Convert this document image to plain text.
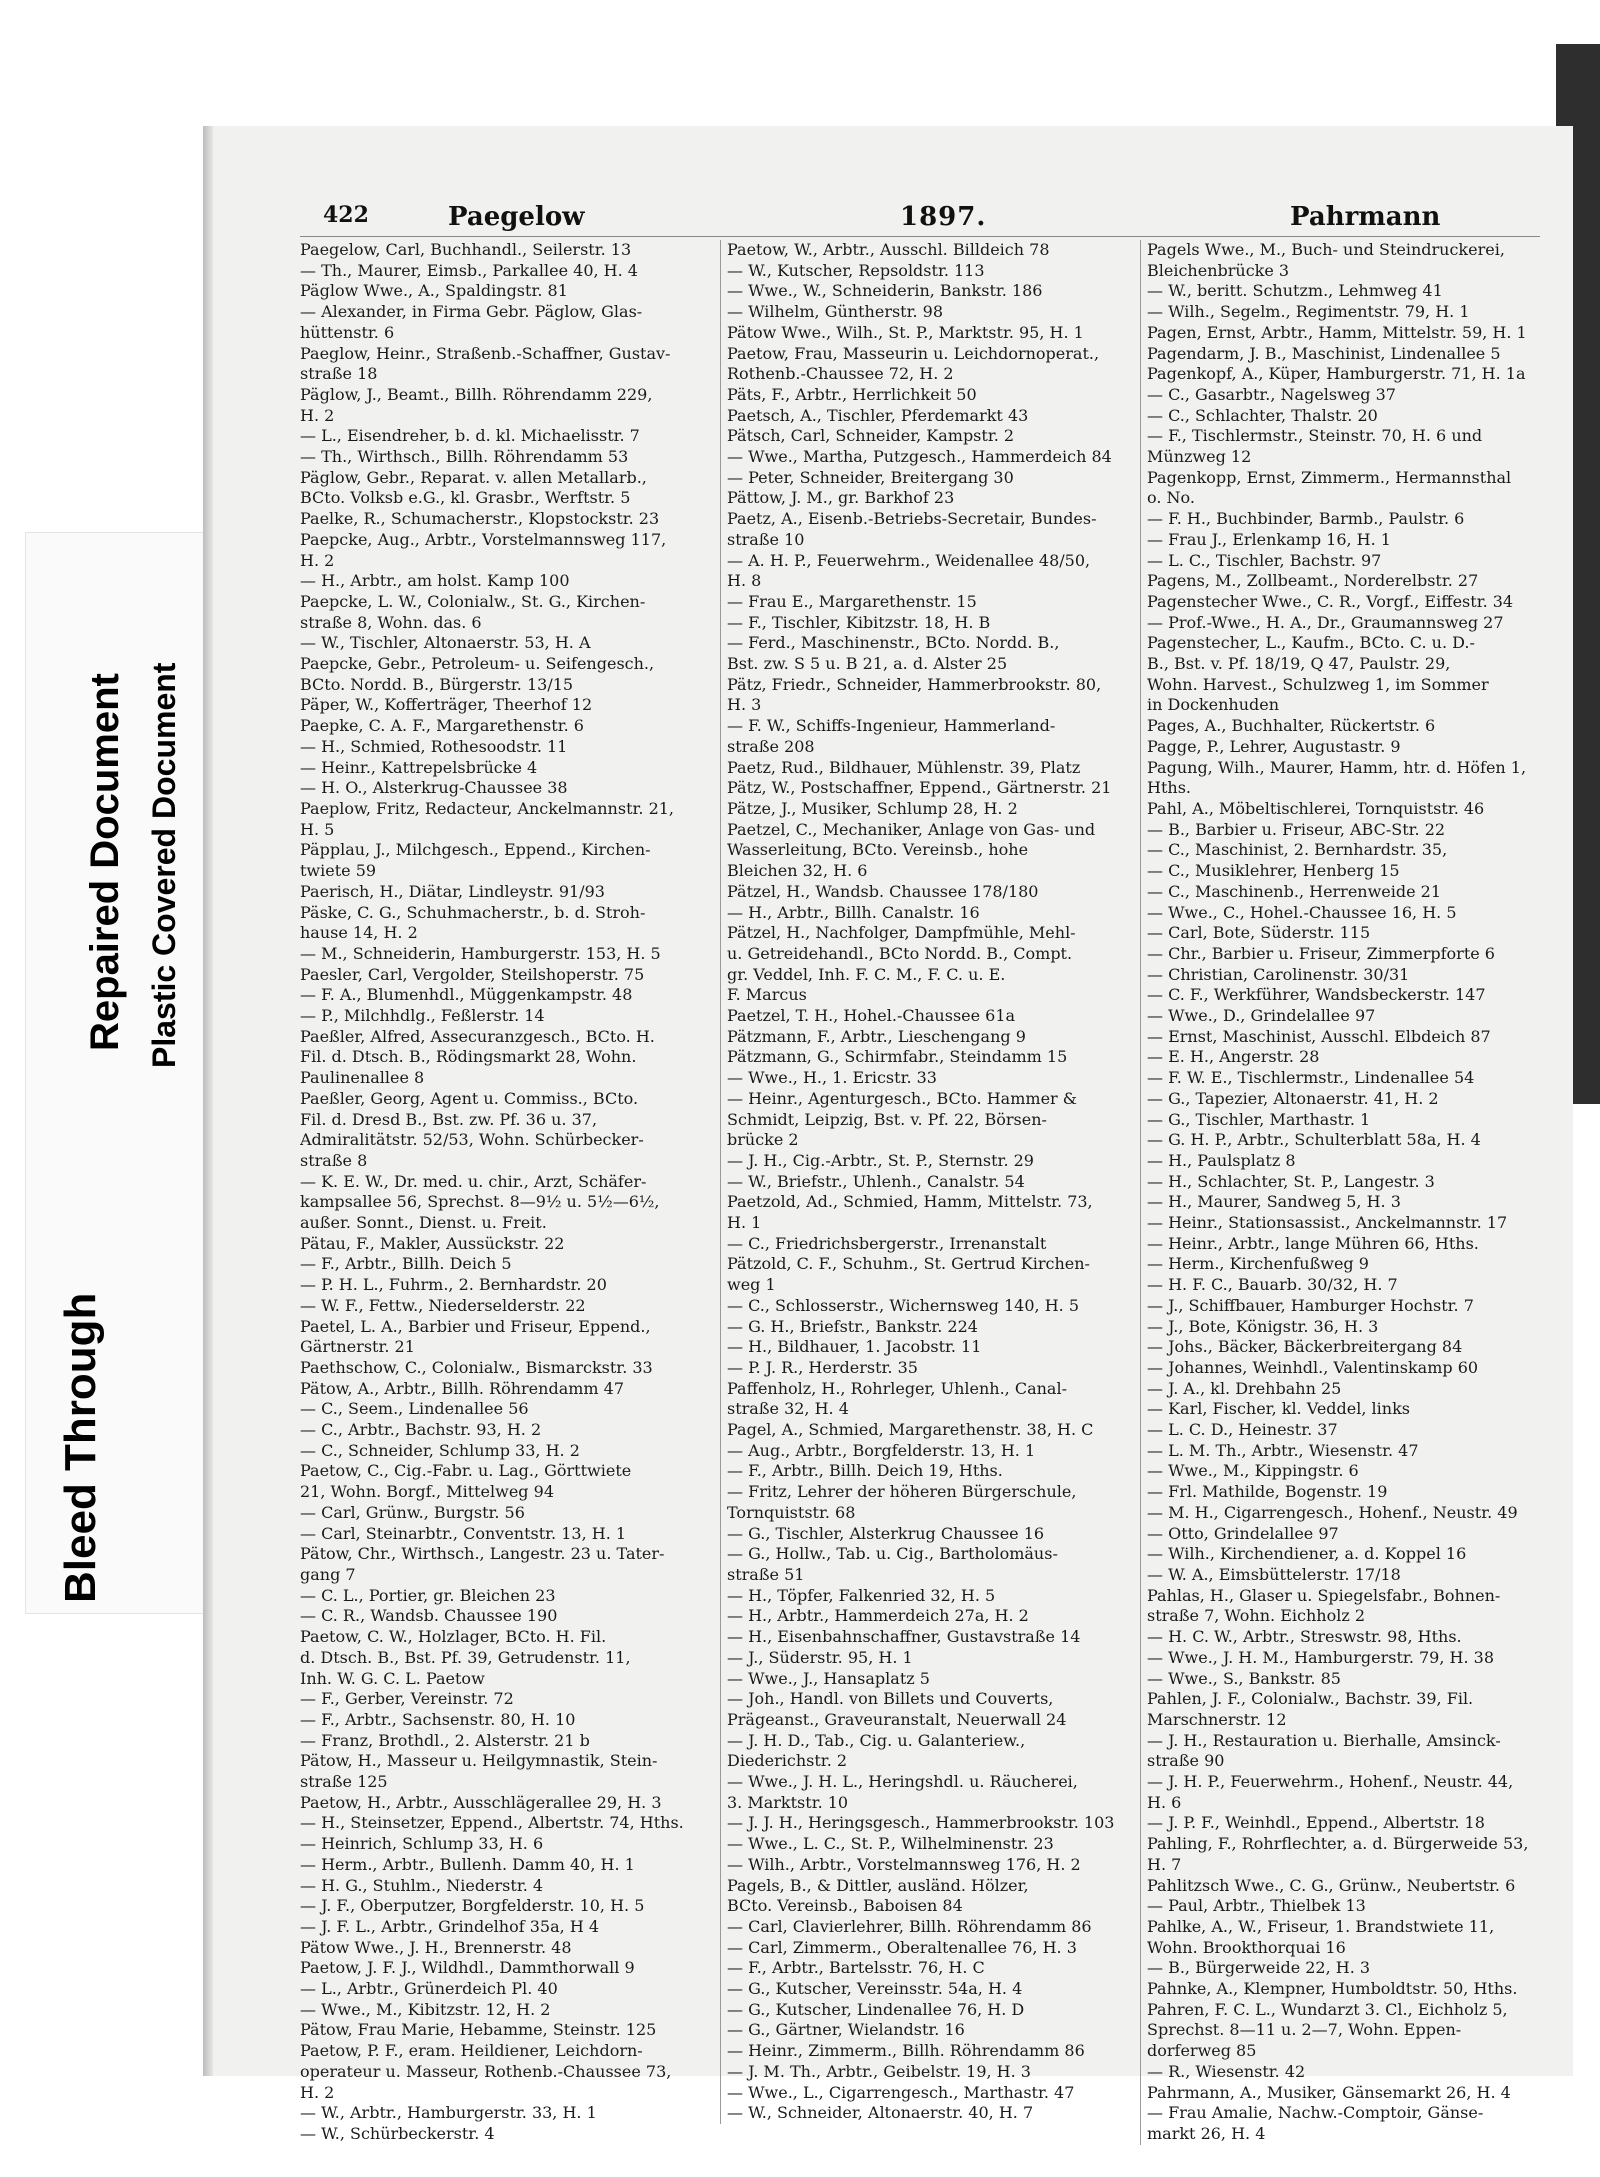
Bleed Through
Repaired Document Plastic Covered Document
422	Paegelow	1897.	Pahrmann
Paegelow, Carl, Buchhandl., Seilerstr. 13
— Th., Maurer, Eimsb., Parkallee 40, H. 4
Päglow Wwe., A., Spaldingstr. 81
— Alexander, in Firma Gebr. Päglow, Glas-
hüttenstr. 6
Paeglow, Heinr., Straßenb.-Schaffner, Gustav-
straße 18
Päglow, J., Beamt., Billh. Röhrendamm 229,
H. 2
— L., Eisendreher, b. d. kl. Michaelisstr. 7
— Th., Wirthsch., Billh. Röhrendamm 53
Päglow, Gebr., Reparat. v. allen Metallarb.,
BCto. Volksb e.G., kl. Grasbr., Werftstr. 5
Paelke, R., Schumacherstr., Klopstockstr. 23
Paepcke, Aug., Arbtr., Vorstelmannsweg 117,
H. 2
— H., Arbtr., am holst. Kamp 100
Paepcke, L. W., Colonialw., St. G., Kirchen-
straße 8, Wohn. das. 6
— W., Tischler, Altonaerstr. 53, H. A
Paepcke, Gebr., Petroleum- u. Seifengesch.,
BCto. Nordd. B., Bürgerstr. 13/15
Päper, W., Kofferträger, Theerhof 12
Paepke, C. A. F., Margarethenstr. 6
— H., Schmied, Rothesoodstr. 11
— Heinr., Kattrepelsbrücke 4
— H. O., Alsterkrug-Chaussee 38
Paeplow, Fritz, Redacteur, Anckelmannstr. 21,
H. 5
Päpplau, J., Milchgesch., Eppend., Kirchen-
twiete 59
Paerisch, H., Diätar, Lindleystr. 91/93
Päske, C. G., Schuhmacherstr., b. d. Stroh-
hause 14, H. 2
— M., Schneiderin, Hamburgerstr. 153, H. 5
Paesler, Carl, Vergolder, Steilshoperstr. 75
— F. A., Blumenhdl., Müggenkampstr. 48
— P., Milchhdlg., Feßlerstr. 14
Paeßler, Alfred, Assecuranzgesch., BCto. H.
Fil. d. Dtsch. B., Rödingsmarkt 28, Wohn.
Paulinenallee 8
Paeßler, Georg, Agent u. Commiss., BCto.
Fil. d. Dresd B., Bst. zw. Pf. 36 u. 37,
Admiralitätstr. 52/53, Wohn. Schürbecker-
straße 8
— K. E. W., Dr. med. u. chir., Arzt, Schäfer-
kampsallee 56, Sprechst. 8—9½ u. 5½—6½,
außer. Sonnt., Dienst. u. Freit.
Pätau, F., Makler, Aussückstr. 22
— F., Arbtr., Billh. Deich 5
— P. H. L., Fuhrm., 2. Bernhardstr. 20
— W. F., Fettw., Niederselderstr. 22
Paetel, L. A., Barbier und Friseur, Eppend.,
Gärtnerstr. 21
Paethschow, C., Colonialw., Bismarckstr. 33
Pätow, A., Arbtr., Billh. Röhrendamm 47
— C., Seem., Lindenallee 56
— C., Arbtr., Bachstr. 93, H. 2
— C., Schneider, Schlump 33, H. 2
Paetow, C., Cig.-Fabr. u. Lag., Görttwiete
21, Wohn. Borgf., Mittelweg 94
— Carl, Grünw., Burgstr. 56
— Carl, Steinarbtr., Conventstr. 13, H. 1
Pätow, Chr., Wirthsch., Langestr. 23 u. Tater-
gang 7
— C. L., Portier, gr. Bleichen 23
— C. R., Wandsb. Chaussee 190
Paetow, C. W., Holzlager, BCto. H. Fil.
d. Dtsch. B., Bst. Pf. 39, Getrudenstr. 11,
Inh. W. G. C. L. Paetow
— F., Gerber, Vereinstr. 72
— F., Arbtr., Sachsenstr. 80, H. 10
— Franz, Brothdl., 2. Alsterstr. 21 b
Pätow, H., Masseur u. Heilgymnastik, Stein-
straße 125
Paetow, H., Arbtr., Ausschlägerallee 29, H. 3
— H., Steinsetzer, Eppend., Albertstr. 74, Hths.
— Heinrich, Schlump 33, H. 6
— Herm., Arbtr., Bullenh. Damm 40, H. 1
— H. G., Stuhlm., Niederstr. 4
— J. F., Oberputzer, Borgfelderstr. 10, H. 5
— J. F. L., Arbtr., Grindelhof 35a, H 4
Pätow Wwe., J. H., Brennerstr. 48
Paetow, J. F. J., Wildhdl., Dammthorwall 9
— L., Arbtr., Grünerdeich Pl. 40
— Wwe., M., Kibitzstr. 12, H. 2
Pätow, Frau Marie, Hebamme, Steinstr. 125
Paetow, P. F., eram. Heildiener, Leichdorn-
operateur u. Masseur, Rothenb.-Chaussee 73,
H. 2
— W., Arbtr., Hamburgerstr. 33, H. 1
— W., Schürbeckerstr. 4
Paetow, W., Arbtr., Ausschl. Billdeich 78
— W., Kutscher, Repsoldstr. 113
— Wwe., W., Schneiderin, Bankstr. 186
— Wilhelm, Güntherstr. 98
Pätow Wwe., Wilh., St. P., Marktstr. 95, H. 1
Paetow, Frau, Masseurin u. Leichdornoperat.,
Rothenb.-Chaussee 72, H. 2
Päts, F., Arbtr., Herrlichkeit 50
Paetsch, A., Tischler, Pferdemarkt 43
Pätsch, Carl, Schneider, Kampstr. 2
— Wwe., Martha, Putzgesch., Hammerdeich 84
— Peter, Schneider, Breitergang 30
Pättow, J. M., gr. Barkhof 23
Paetz, A., Eisenb.-Betriebs-Secretair, Bundes-
straße 10
— A. H. P., Feuerwehrm., Weidenallee 48/50,
H. 8
— Frau E., Margarethenstr. 15
— F., Tischler, Kibitzstr. 18, H. B
— Ferd., Maschinenstr., BCto. Nordd. B.,
Bst. zw. S 5 u. B 21, a. d. Alster 25
Pätz, Friedr., Schneider, Hammerbrookstr. 80,
H. 3
— F. W., Schiffs-Ingenieur, Hammerland-
straße 208
Paetz, Rud., Bildhauer, Mühlenstr. 39, Platz
Pätz, W., Postschaffner, Eppend., Gärtnerstr. 21
Pätze, J., Musiker, Schlump 28, H. 2
Paetzel, C., Mechaniker, Anlage von Gas- und
Wasserleitung, BCto. Vereinsb., hohe
Bleichen 32, H. 6
Pätzel, H., Wandsb. Chaussee 178/180
— H., Arbtr., Billh. Canalstr. 16
Pätzel, H., Nachfolger, Dampfmühle, Mehl-
u. Getreidehandl., BCto Nordd. B., Compt.
gr. Veddel, Inh. F. C. M., F. C. u. E.
F. Marcus
Paetzel, T. H., Hohel.-Chaussee 61a
Pätzmann, F., Arbtr., Lieschengang 9
Pätzmann, G., Schirmfabr., Steindamm 15
— Wwe., H., 1. Ericstr. 33
— Heinr., Agenturgesch., BCto. Hammer &
Schmidt, Leipzig, Bst. v. Pf. 22, Börsen-
brücke 2
— J. H., Cig.-Arbtr., St. P., Sternstr. 29
— W., Briefstr., Uhlenh., Canalstr. 54
Paetzold, Ad., Schmied, Hamm, Mittelstr. 73,
H. 1
— C., Friedrichsbergerstr., Irrenanstalt
Pätzold, C. F., Schuhm., St. Gertrud Kirchen-
weg 1
— C., Schlosserstr., Wichernsweg 140, H. 5
— G. H., Briefstr., Bankstr. 224
— H., Bildhauer, 1. Jacobstr. 11
— P. J. R., Herderstr. 35
Paffenholz, H., Rohrleger, Uhlenh., Canal-
straße 32, H. 4
Pagel, A., Schmied, Margarethenstr. 38, H. C
— Aug., Arbtr., Borgfelderstr. 13, H. 1
— F., Arbtr., Billh. Deich 19, Hths.
— Fritz, Lehrer der höheren Bürgerschule,
Tornquiststr. 68
— G., Tischler, Alsterkrug Chaussee 16
— G., Hollw., Tab. u. Cig., Bartholomäus-
straße 51
— H., Töpfer, Falkenried 32, H. 5
— H., Arbtr., Hammerdeich 27a, H. 2
— H., Eisenbahnschaffner, Gustavstraße 14
— J., Süderstr. 95, H. 1
— Wwe., J., Hansaplatz 5
— Joh., Handl. von Billets und Couverts,
Prägeanst., Graveuranstalt, Neuerwall 24
— J. H. D., Tab., Cig. u. Galanteriew.,
Diederichstr. 2
— Wwe., J. H. L., Heringshdl. u. Räucherei,
3. Marktstr. 10
— J. J. H., Heringsgesch., Hammerbrookstr. 103
— Wwe., L. C., St. P., Wilhelminenstr. 23
— Wilh., Arbtr., Vorstelmannsweg 176, H. 2
Pagels, B., & Dittler, ausländ. Hölzer,
BCto. Vereinsb., Baboisen 84
— Carl, Clavierlehrer, Billh. Röhrendamm 86
— Carl, Zimmerm., Oberaltenallee 76, H. 3
— F., Arbtr., Bartelsstr. 76, H. C
— G., Kutscher, Vereinsstr. 54a, H. 4
— G., Kutscher, Lindenallee 76, H. D
— G., Gärtner, Wielandstr. 16
— Heinr., Zimmerm., Billh. Röhrendamm 86
— J. M. Th., Arbtr., Geibelstr. 19, H. 3
— Wwe., L., Cigarrengesch., Marthastr. 47
— W., Schneider, Altonaerstr. 40, H. 7
Pagels Wwe., M., Buch- und Steindruckerei,
Bleichenbrücke 3
— W., beritt. Schutzm., Lehmweg 41
— Wilh., Segelm., Regimentstr. 79, H. 1
Pagen, Ernst, Arbtr., Hamm, Mittelstr. 59, H. 1
Pagendarm, J. B., Maschinist, Lindenallee 5
Pagenkopf, A., Küper, Hamburgerstr. 71, H. 1a
— C., Gasarbtr., Nagelsweg 37
— C., Schlachter, Thalstr. 20
— F., Tischlermstr., Steinstr. 70, H. 6 und
Münzweg 12
Pagenkopp, Ernst, Zimmerm., Hermannsthal
o. No.
— F. H., Buchbinder, Barmb., Paulstr. 6
— Frau J., Erlenkamp 16, H. 1
— L. C., Tischler, Bachstr. 97
Pagens, M., Zollbeamt., Norderelbstr. 27
Pagenstecher Wwe., C. R., Vorgf., Eiffestr. 34
— Prof.-Wwe., H. A., Dr., Graumannsweg 27
Pagenstecher, L., Kaufm., BCto. C. u. D.-
B., Bst. v. Pf. 18/19, Q 47, Paulstr. 29,
Wohn. Harvest., Schulzweg 1, im Sommer
in Dockenhuden
Pages, A., Buchhalter, Rückertstr. 6
Pagge, P., Lehrer, Augustastr. 9
Pagung, Wilh., Maurer, Hamm, htr. d. Höfen 1,
Hths.
Pahl, A., Möbeltischlerei, Tornquiststr. 46
— B., Barbier u. Friseur, ABC-Str. 22
— C., Maschinist, 2. Bernhardstr. 35,
— C., Musiklehrer, Henberg 15
— C., Maschinenb., Herrenweide 21
— Wwe., C., Hohel.-Chaussee 16, H. 5
— Carl, Bote, Süderstr. 115
— Chr., Barbier u. Friseur, Zimmerpforte 6
— Christian, Carolinenstr. 30/31
— C. F., Werkführer, Wandsbeckerstr. 147
— Wwe., D., Grindelallee 97
— Ernst, Maschinist, Ausschl. Elbdeich 87
— E. H., Angerstr. 28
— F. W. E., Tischlermstr., Lindenallee 54
— G., Tapezier, Altonaerstr. 41, H. 2
— G., Tischler, Marthastr. 1
— G. H. P., Arbtr., Schulterblatt 58a, H. 4
— H., Paulsplatz 8
— H., Schlachter, St. P., Langestr. 3
— H., Maurer, Sandweg 5, H. 3
— Heinr., Stationsassist., Anckelmannstr. 17
— Heinr., Arbtr., lange Mühren 66, Hths.
— Herm., Kirchenfußweg 9
— H. F. C., Bauarb. 30/32, H. 7
— J., Schiffbauer, Hamburger Hochstr. 7
— J., Bote, Königstr. 36, H. 3
— Johs., Bäcker, Bäckerbreitergang 84
— Johannes, Weinhdl., Valentinskamp 60
— J. A., kl. Drehbahn 25
— Karl, Fischer, kl. Veddel, links
— L. C. D., Heinestr. 37
— L. M. Th., Arbtr., Wiesenstr. 47
— Wwe., M., Kippingstr. 6
— Frl. Mathilde, Bogenstr. 19
— M. H., Cigarrengesch., Hohenf., Neustr. 49
— Otto, Grindelallee 97
— Wilh., Kirchendiener, a. d. Koppel 16
— W. A., Eimsbüttelerstr. 17/18
Pahlas, H., Glaser u. Spiegelsfabr., Bohnen-
straße 7, Wohn. Eichholz 2
— H. C. W., Arbtr., Streswstr. 98, Hths.
— Wwe., J. H. M., Hamburgerstr. 79, H. 38
— Wwe., S., Bankstr. 85
Pahlen, J. F., Colonialw., Bachstr. 39, Fil.
Marschnerstr. 12
— J. H., Restauration u. Bierhalle, Amsinck-
straße 90
— J. H. P., Feuerwehrm., Hohenf., Neustr. 44,
H. 6
— J. P. F., Weinhdl., Eppend., Albertstr. 18
Pahling, F., Rohrflechter, a. d. Bürgerweide 53,
H. 7
Pahlitzsch Wwe., C. G., Grünw., Neubertstr. 6
— Paul, Arbtr., Thielbek 13
Pahlke, A., W., Friseur, 1. Brandstwiete 11,
Wohn. Brookthorquai 16
— B., Bürgerweide 22, H. 3
Pahnke, A., Klempner, Humboldtstr. 50, Hths.
Pahren, F. C. L., Wundarzt 3. Cl., Eichholz 5,
Sprechst. 8—11 u. 2—7, Wohn. Eppen-
dorferweg 85
— R., Wiesenstr. 42
Pahrmann, A., Musiker, Gänsemarkt 26, H. 4
— Frau Amalie, Nachw.-Comptoir, Gänse-
markt 26, H. 4
